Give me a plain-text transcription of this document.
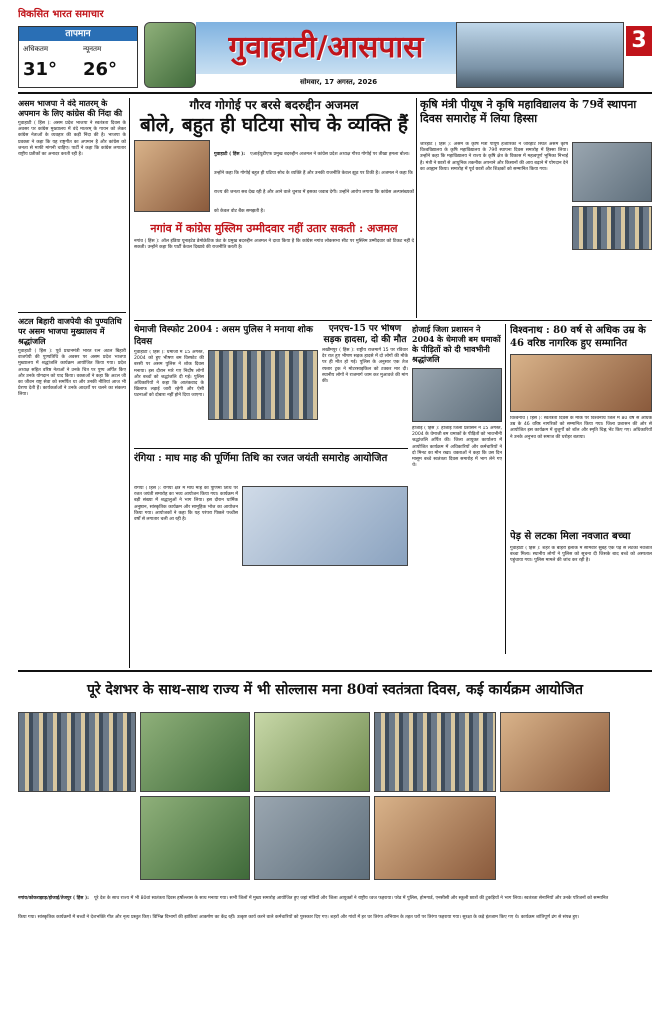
विकसित भारत समाचार
तापमान
अधिकतम	न्यूनतम
31°	26°
गुवाहाटी/आसपास	3
सोमवार, 17 अगस्त, 2026
असम भाजपा ने वंदे मातरम् के अपमान के लिए कांग्रेस की निंदा की
गुवाहाटी ( हिंस ): असम प्रदेश भाजपा ने स्वतंत्रता दिवस के अवसर पर कांग्रेस मुख्यालय में वंदे मातरम् के गायन को लेकर कांग्रेस नेताओं के व्यवहार की कड़ी निंदा की है। भाजपा के प्रवक्ता ने कहा कि यह राष्ट्रगीत का अपमान है और कांग्रेस को जनता से माफी मांगनी चाहिए। पार्टी ने कहा कि कांग्रेस लगातार राष्ट्रीय प्रतीकों का अनादर करती रही है।
अटल बिहारी वाजपेयी की पुण्यतिथि पर असम भाजपा मुख्यालय में श्रद्धांजलि
गुवाहाटी ( हिंस ): पूर्व प्रधानमंत्री भारत रत्न अटल बिहारी वाजपेयी की पुण्यतिथि के अवसर पर असम प्रदेश भाजपा मुख्यालय में श्रद्धांजलि कार्यक्रम आयोजित किया गया। प्रदेश अध्यक्ष सहित वरिष्ठ नेताओं ने उनके चित्र पर पुष्प अर्पित किए और उनके योगदान को याद किया। वक्ताओं ने कहा कि अटल जी का जीवन राष्ट्र सेवा को समर्पित था और उनकी नीतियां आज भी प्रेरणा देती हैं। कार्यकर्ताओं ने उनके आदर्शों पर चलने का संकल्प लिया।
गौरव गोगोई पर बरसे बदरुद्दीन अजमल
बोले, बहुत ही घटिया सोच के व्यक्ति हैं
गुवाहाटी ( हिंस ): एआईयूडीएफ प्रमुख बदरुद्दीन अजमल ने कांग्रेस प्रदेश अध्यक्ष गौरव गोगोई पर तीखा हमला बोला। उन्होंने कहा कि गोगोई बहुत ही घटिया सोच के व्यक्ति हैं और उनकी राजनीति केवल झूठ पर टिकी है। अजमल ने कहा कि राज्य की जनता सब देख रही है और आने वाले चुनाव में इसका जवाब देगी। उन्होंने आरोप लगाया कि कांग्रेस अल्पसंख्यकों को केवल वोट बैंक समझती है।
नगांव में कांग्रेस मुस्लिम उम्मीदवार नहीं उतार सकती : अजमल
नगांव ( हिंस ): ऑल इंडिया यूनाइटेड डेमोक्रेटिक फ्रंट के प्रमुख बदरुद्दीन अजमल ने दावा किया है कि कांग्रेस नगांव लोकसभा सीट पर मुस्लिम उम्मीदवार को टिकट नहीं दे सकती। उन्होंने कहा कि पार्टी केवल दिखावे की राजनीति करती है।
कृषि मंत्री पीयूष ने कृषि महाविद्यालय के 79वें स्थापना दिवस समारोह में लिया हिस्सा
जोरहाट ( हिंस ): असम के कृषि मंत्री पीयूष हजारिका ने जोरहाट स्थित असम कृषि विश्वविद्यालय के कृषि महाविद्यालय के 79वें स्थापना दिवस समारोह में हिस्सा लिया। उन्होंने कहा कि महाविद्यालय ने राज्य के कृषि क्षेत्र के विकास में महत्वपूर्ण भूमिका निभाई है। मंत्री ने छात्रों से आधुनिक तकनीक अपनाने और किसानों की आय बढ़ाने में योगदान देने का आह्वान किया। समारोह में पूर्व छात्रों और शिक्षकों को सम्मानित किया गया।
धेमाजी विस्फोट 2004 : असम पुलिस ने मनाया शोक दिवस
गुवाहाटी ( हिंस ): धेमाजी में 15 अगस्त, 2004 को हुए भीषण बम विस्फोट की बरसी पर असम पुलिस ने शोक दिवस मनाया। इस दौरान मारे गए निर्दोष लोगों और बच्चों को श्रद्धांजलि दी गई। पुलिस अधिकारियों ने कहा कि आतंकवाद के खिलाफ लड़ाई जारी रहेगी और ऐसी घटनाओं को दोबारा नहीं होने दिया जाएगा।
एनएच-15 पर भीषण सड़क हादसा, दो की मौत
लखीमपुर ( हिंस ): राष्ट्रीय राजमार्ग 15 पर रविवार देर रात हुए भीषण सड़क हादसे में दो लोगों की मौके पर ही मौत हो गई। पुलिस के अनुसार एक तेज रफ्तार ट्रक ने मोटरसाइकिल को टक्कर मार दी। स्थानीय लोगों ने राजमार्ग जाम कर मुआवजे की मांग की।
होजाई जिला प्रशासन ने 2004 के धेमाजी बम धमाकों के पीड़ितों को दी भावभीनी श्रद्धांजलि
होजाई ( हिंस ): होजाई जिला प्रशासन ने 15 अगस्त, 2004 के धेमाजी बम धमाकों के पीड़ितों को भावभीनी श्रद्धांजलि अर्पित की। जिला आयुक्त कार्यालय में आयोजित कार्यक्रम में अधिकारियों और कर्मचारियों ने दो मिनट का मौन रखा। वक्ताओं ने कहा कि उस दिन मासूम बच्चे स्वतंत्रता दिवस समारोह में भाग लेने गए थे।
विश्वनाथ : 80 वर्ष से अधिक उम्र के 46 वरिष्ठ नागरिक हुए सम्मानित
विश्वनाथ ( हिंस ): स्वतंत्रता दिवस के मौके पर विश्वनाथ जिले में 80 वर्ष से अधिक उम्र के 46 वरिष्ठ नागरिकों को सम्मानित किया गया। जिला प्रशासन की ओर से आयोजित इस कार्यक्रम में बुजुर्गों को शॉल और स्मृति चिह्न भेंट किए गए। अधिकारियों ने उनके अनुभव को समाज की धरोहर बताया।
पेड़ से लटका मिला नवजात बच्चा
गुवाहाटी ( हिंस ): शहर के बाहरी इलाके में सोमवार सुबह एक पेड़ से लटका नवजात बच्चा मिला। स्थानीय लोगों ने पुलिस को सूचना दी जिसके बाद बच्चे को अस्पताल पहुंचाया गया। पुलिस मामले की जांच कर रही है।
रंगिया : माघ माह की पूर्णिमा तिथि का रजत जयंती समारोह आयोजित
रंगिया ( हिंस ): रंगिया क्षेत्र में माघ माह की पूर्णिमा तिथि पर रजत जयंती समारोह का भव्य आयोजन किया गया। कार्यक्रम में बड़ी संख्या में श्रद्धालुओं ने भाग लिया। इस दौरान धार्मिक अनुष्ठान, सांस्कृतिक कार्यक्रम और सामूहिक भोज का आयोजन किया गया। आयोजकों ने कहा कि यह परंपरा पिछले पच्चीस वर्षों से लगातार चली आ रही है।
पूरे देशभर के साथ-साथ राज्य में भी सोल्लास मना 80वां स्वतंत्रता दिवस, कई कार्यक्रम आयोजित
नगांव/कोकराझाड़/होजाई/तेजपुर ( हिंस ): पूरे देश के साथ राज्य में भी 80वां स्वतंत्रता दिवस हर्षोल्लास के साथ मनाया गया। सभी जिलों में मुख्य समारोह आयोजित हुए जहां मंत्रियों और जिला आयुक्तों ने राष्ट्रीय ध्वज फहराया। परेड में पुलिस, होमगार्ड, एनसीसी और स्कूली छात्रों की टुकड़ियों ने भाग लिया। स्वतंत्रता सेनानियों और उनके परिजनों को सम्मानित किया गया। सांस्कृतिक कार्यक्रमों में बच्चों ने देशभक्ति गीत और नृत्य प्रस्तुत किए। विभिन्न विभागों की झांकियां आकर्षण का केंद्र रहीं। उत्कृष्ट कार्य करने वाले कर्मचारियों को पुरस्कार दिए गए। शहरों और गांवों में हर घर तिरंगा अभियान के तहत घरों पर तिरंगा फहराया गया। सुरक्षा के कड़े इंतजाम किए गए थे। कार्यक्रम शांतिपूर्ण ढंग से संपन्न हुए।
